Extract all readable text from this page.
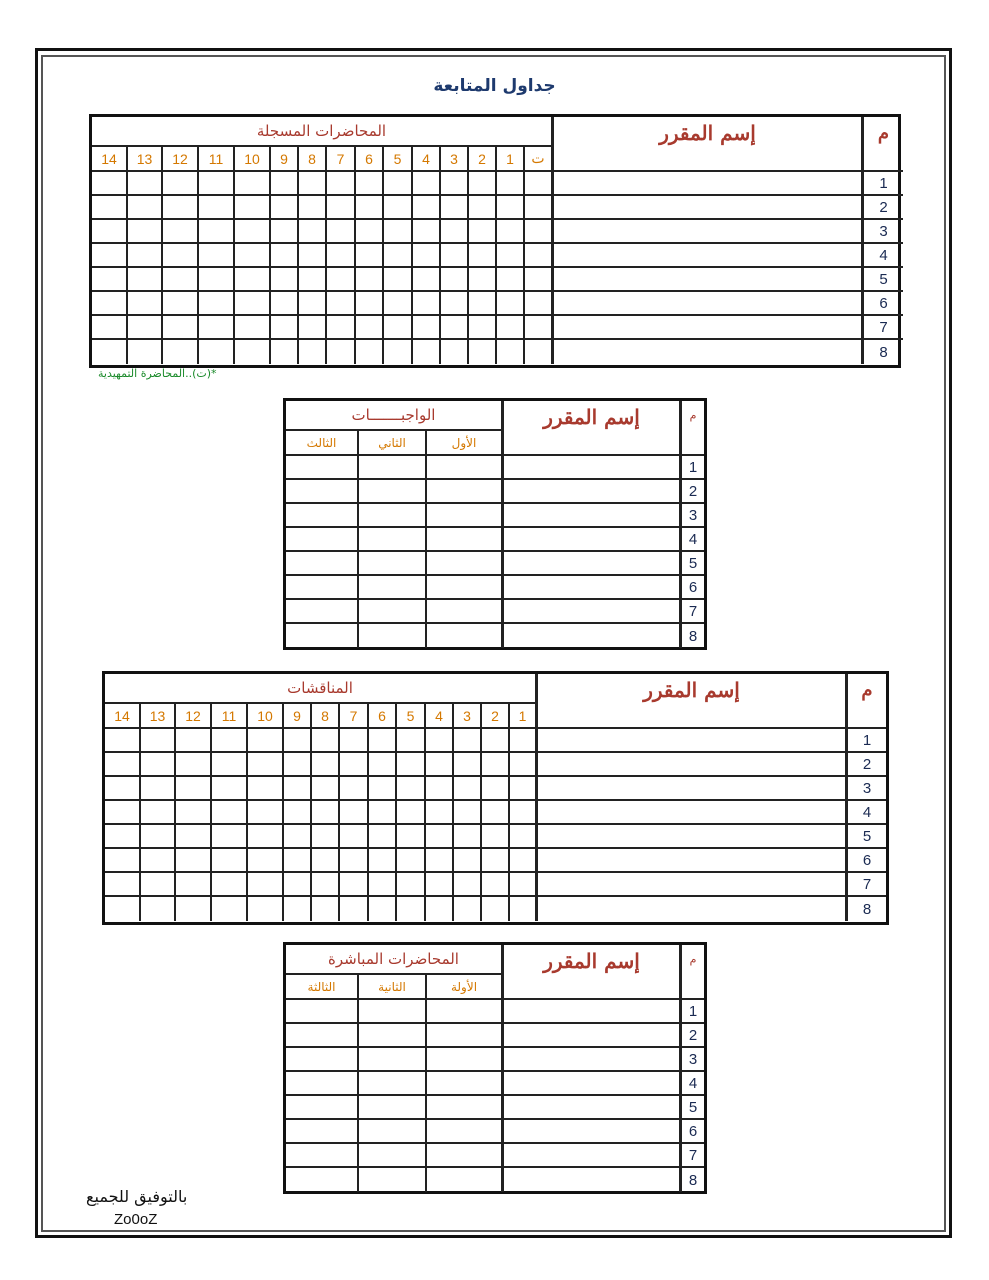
جداول المتابعة
المحاضرات المسجلة	إسم المقرر	م
14	13	12	11	10	9	8	7	6	5	4	3	2	1	ت
1
2
3
4
5
6
7
8
*(ت)..المحاضرة التمهيدية
الواجبـــــــات	إسم المقرر	م
الثالث	الثاني	الأول
1
2
3
4
5
6
7
8
المناقشات	إسم المقرر	م
14	13	12	11	10	9	8	7	6	5	4	3	2	1
1
2
3
4
5
6
7
8
المحاضرات المباشرة	إسم المقرر	م
الثالثة	الثانية	الأولة
1
2
3
4
5
6
7
8
بالتوفيق للجميع
Zo0oZ
